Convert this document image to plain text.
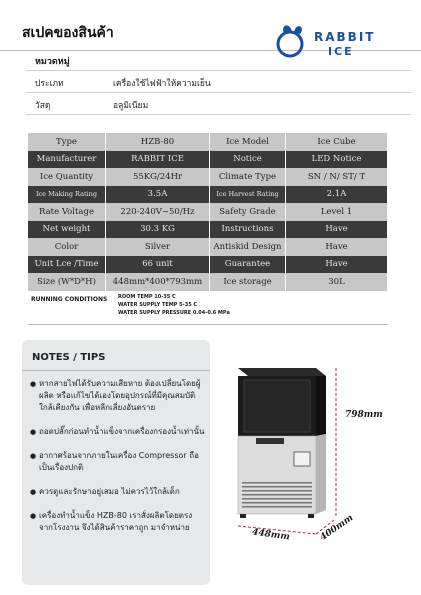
สเปคของสินค้า	RABBIT
ICE
หมวดหมู่
ประเภท	เครื่องใช้ไฟฟ้าให้ความเย็น
วัสดุ	อลูมิเนียม
Type	HZB-80	Ice Model	Ice Cube
Manufacturer	RABBIT ICE	Notice	LED Notice
Ice Quantity	55KG/24Hr	Climate Type	SN / N/ ST/ T
Ice Making Rating	3.5A	Ice Harvest Rating	2.1A
Rate Voltage	220-240V~50/Hz	Safety Grade	Level 1
Net weight	30.3 KG	Instructions	Have
Color	Silver	Antiskid Design	Have
Unit Lce /Time	66 unit	Guarantee	Have
Size (W*D*H)	448mm*400*793mm	Ice storage	30L
RUNNING CONDITIONS ROOM TEMP 10-35 C
WATER SUPPLY TEMP 5-35 C
WATER SUPPLY PRESSURE 0.04-0.6 MPa
NOTES / TIPS
● หากสายไฟได้รับความเสียหาย ต้องเปลี่ยนโดยผู้ผลิต หรือแก้ไขได้เองโดยอุปกรณ์ที่มีคุณสมบัติใกล้เคียงกัน เพื่อหลีกเลี่ยงอันตราย
● ถอดปลั๊กก่อนทำน้ำแข็งจากเครื่องกรองน้ำเท่านั้น
● อากาศร้อนจากภายในเครื่อง Compressor ถือเป็นเรื่องปกติ
● ควรดูและรักษาอยู่เสมอ ไม่ควรไว้ใกล้เด็ก
● เครื่องทำน้ำแข็ง HZB-80 เราสั่งผลิตโดยตรงจากโรงงาน จึงได้สินค้าราคาถูก มาจำหน่าย
798mm
448mm	400mm
